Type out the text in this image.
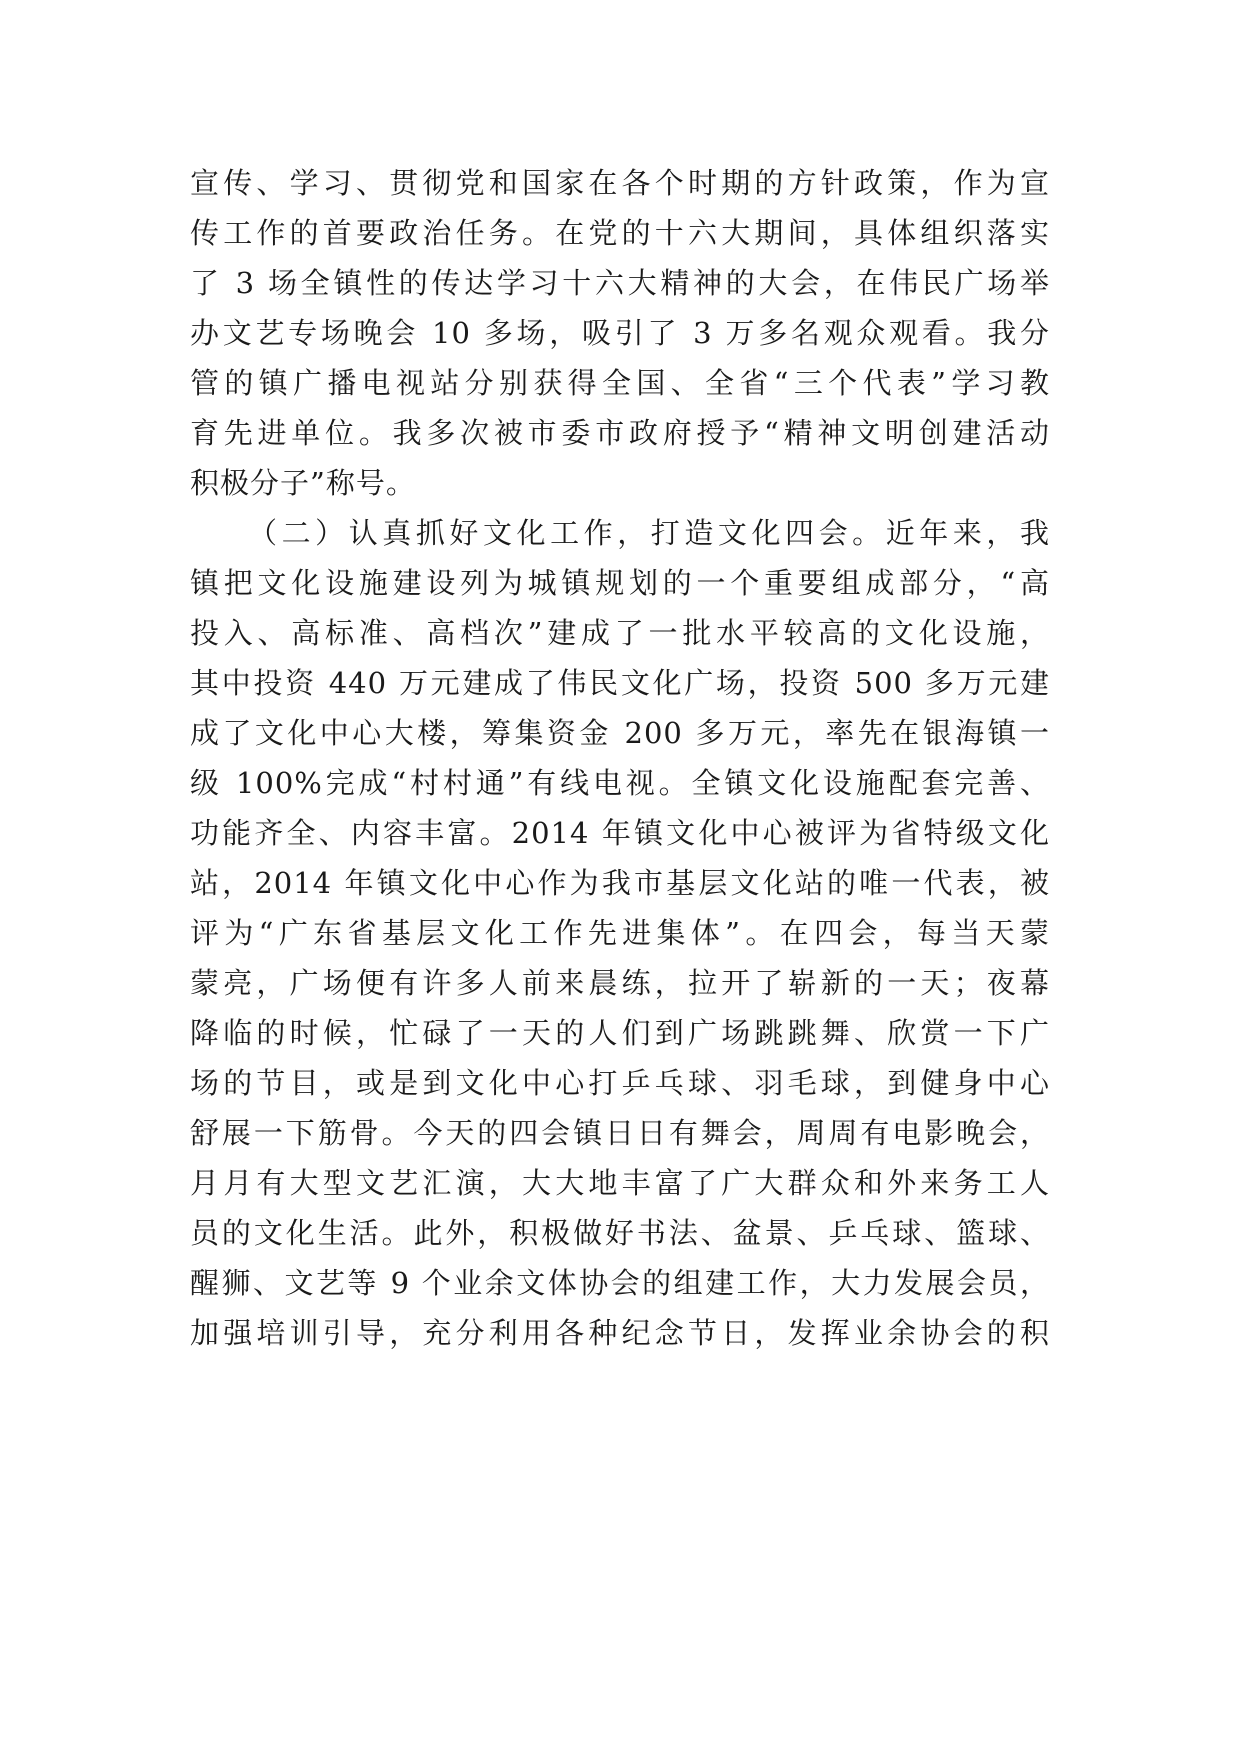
宣传、学习、贯彻党和国家在各个时期的方针政策，作为宣
传工作的首要政治任务。在党的十六大期间，具体组织落实
了 3 场全镇性的传达学习十六大精神的大会，在伟民广场举
办文艺专场晚会 10 多场，吸引了 3 万多名观众观看。我分
管的镇广播电视站分别获得全国、全省“三个代表”学习教
育先进单位。我多次被市委市政府授予“精神文明创建活动
积极分子”称号。
（二）认真抓好文化工作，打造文化四会。近年来，我
镇把文化设施建设列为城镇规划的一个重要组成部分，“高
投入、高标准、高档次”建成了一批水平较高的文化设施，
其中投资 440 万元建成了伟民文化广场，投资 500 多万元建
成了文化中心大楼，筹集资金 200 多万元，率先在银海镇一
级 100%完成“村村通”有线电视。全镇文化设施配套完善、
功能齐全、内容丰富。2014 年镇文化中心被评为省特级文化
站，2014 年镇文化中心作为我市基层文化站的唯一代表，被
评为“广东省基层文化工作先进集体”。在四会，每当天蒙
蒙亮，广场便有许多人前来晨练，拉开了崭新的一天；夜幕
降临的时候，忙碌了一天的人们到广场跳跳舞、欣赏一下广
场的节目，或是到文化中心打乒乓球、羽毛球，到健身中心
舒展一下筋骨。今天的四会镇日日有舞会，周周有电影晚会，
月月有大型文艺汇演，大大地丰富了广大群众和外来务工人
员的文化生活。此外，积极做好书法、盆景、乒乓球、篮球、
醒狮、文艺等 9 个业余文体协会的组建工作，大力发展会员，
加强培训引导，充分利用各种纪念节日，发挥业余协会的积
